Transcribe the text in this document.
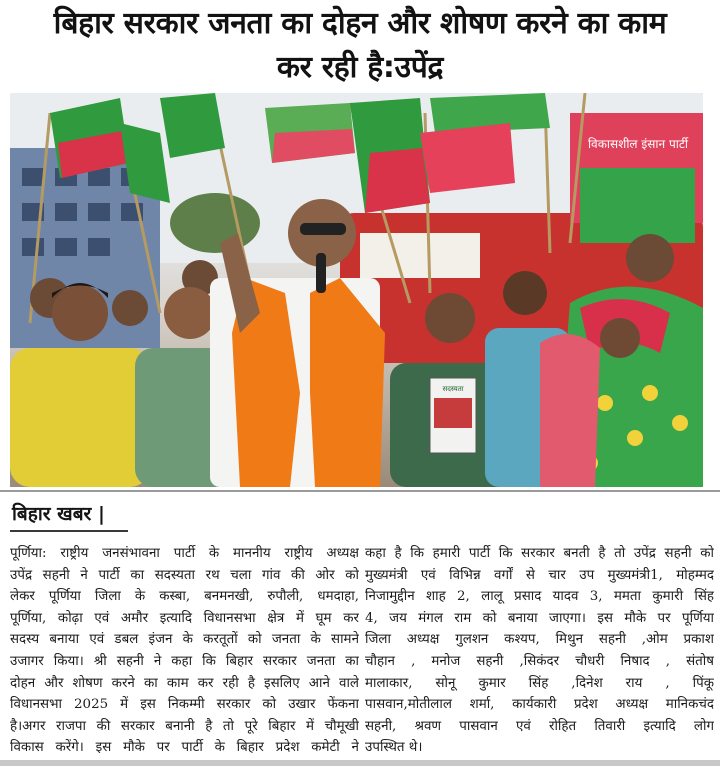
बिहार सरकार जनता का दोहन और शोषण करने का काम
कर रही है:उपेंद्र
विकासशील इंसान पार्टी
सदस्यता
बिहार खबर |
पूर्णिया: राष्ट्रीय जनसंभावना पार्टी के माननीय राष्ट्रीय अध्यक्ष
उपेंद्र सहनी ने पार्टी का सदस्यता रथ चला गांव की ओर को
लेकर पूर्णिया जिला के कस्बा, बनमनखी, रुपौली, धमदाहा,
पूर्णिया, कोढ़ा एवं अमौर इत्यादि विधानसभा क्षेत्र में घूम कर
सदस्य बनाया एवं डबल इंजन के करतूतों को जनता के सामने
उजागर किया। श्री सहनी ने कहा कि बिहार सरकार जनता का
दोहन और शोषण करने का काम कर रही है इसलिए आने वाले
विधानसभा 2025 में इस निकम्मी सरकार को उखार फेंकना
है।अगर राजपा की सरकार बनानी है तो पूरे बिहार में चौमूखी
विकास करेंगे। इस मौके पर पार्टी के बिहार प्रदेश कमेटी ने
कहा है कि हमारी पार्टी कि सरकार बनती है तो उपेंद्र सहनी को
मुख्यमंत्री एवं विभिन्न वर्गों से चार उप मुख्यमंत्री1, मोहम्मद
निजामुद्दीन शाह 2, लालू प्रसाद यादव 3, ममता कुमारी सिंह
4, जय मंगल राम को बनाया जाएगा। इस मौके पर पूर्णिया
जिला अध्यक्ष गुलशन कश्यप, मिथुन सहनी ,ओम प्रकाश
चौहान , मनोज सहनी ,सिकंदर चौधरी निषाद , संतोष
मालाकार, सोनू कुमार सिंह ,दिनेश राय , पिंकू
पासवान,मोतीलाल शर्मा, कार्यकारी प्रदेश अध्यक्ष मानिकचंद
सहनी, श्रवण पासवान एवं रोहित तिवारी इत्यादि लोग
उपस्थित थे।
